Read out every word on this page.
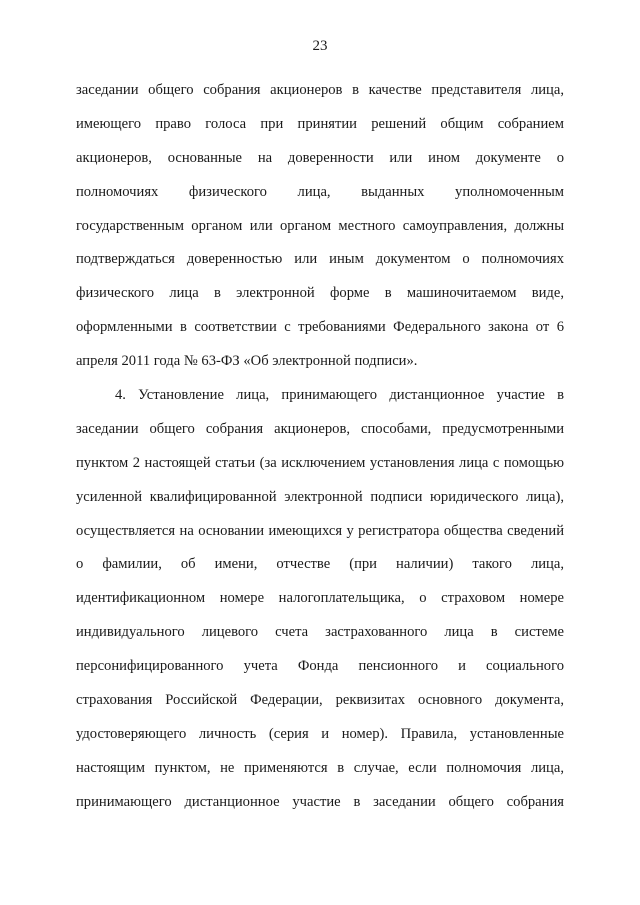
23
заседании общего собрания акционеров в качестве представителя лица,
имеющего право голоса при принятии решений общим собранием
акционеров, основанные на доверенности или ином документе о
полномочиях физического лица, выданных уполномоченным
государственным органом или органом местного самоуправления, должны
подтверждаться доверенностью или иным документом о полномочиях
физического лица в электронной форме в машиночитаемом виде,
оформленными в соответствии с требованиями Федерального закона от 6
апреля 2011 года № 63-ФЗ «Об электронной подписи».
4. Установление лица, принимающего дистанционное участие в
заседании общего собрания акционеров, способами, предусмотренными
пунктом 2 настоящей статьи (за исключением установления лица с помощью
усиленной квалифицированной электронной подписи юридического лица),
осуществляется на основании имеющихся у регистратора общества сведений
о фамилии, об имени, отчестве (при наличии) такого лица,
идентификационном номере налогоплательщика, о страховом номере
индивидуального лицевого счета застрахованного лица в системе
персонифицированного учета Фонда пенсионного и социального
страхования Российской Федерации, реквизитах основного документа,
удостоверяющего личность (серия и номер). Правила, установленные
настоящим пунктом, не применяются в случае, если полномочия лица,
принимающего дистанционное участие в заседании общего собрания
